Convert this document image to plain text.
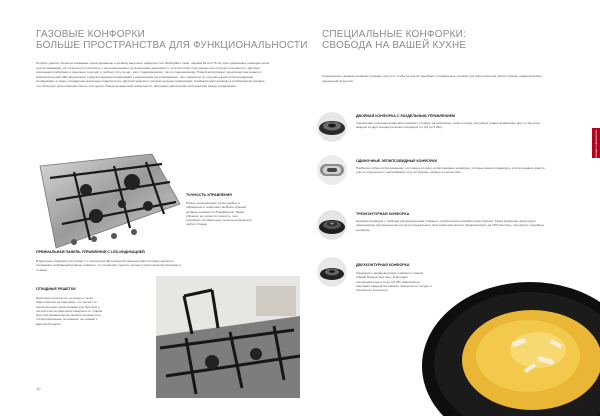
ГАЗОВЫЕ КОНФОРКИ
БОЛЬШЕ ПРОСТРАНСТВА ДЛЯ ФУНКЦИОНАЛЬНОСТИ
Hotpoint уделяет большое внимание проектированию и дизайну варочных поверхностей. Выбирайте сами: ширина 60 или 75 см (при одинаковых размерах ниши для встраивания), из стекла или из металла, с эргономичными и долговечными деталями. С эстетической точки зрения они отлично сочетаются с другими кухонными приборами и идеально подходят к любому типу кухни - как к традиционному, так и к современному. Новый ассортимент предлагает как модели с привлекательной LED-индикацией и двухконтурными конфорками с радиальным регулированием, так и варианты со специальными эллипсовидными конфорками, а также стандартные варочные поверхности с двухконтурными и трехконтурными конфорками. Конфорки расположены в ромбовидном порядке, что облегчает приготовление более чем одного блюда на варочной поверхности, благодаря увеличению пространству между конфорками.
ТОЧНОСТЬ УПРАВЛЕНИЯ
Новые эргономичные ручки удобны в обращении и позволяют выбрать нужный уровень пламени из 5 вариантов. Таким образом, не теряется точность, чем подобрать оптимальную степень нагрева для любого блюда.
ПРЕМИАЛЬНАЯ ПАНЕЛЬ УПРАВЛЕНИЯ С LED-ИНДИКАЦИЕЙ
В варочных поверхностях Серии 7 с элегантной фронтальной панелью LED-система подсветки показывает выбранный уровень пламени, что позволяет сделать процесс приготовления быстрым и точным.
ОТКИДНЫЕ РЕШЕТКИ
Варочные решетки не чугунные и легко закрепляются на шарнирах, что делает их исключительно практичными для быстрой и легкой очистки варочной поверхности. Одним простым движением вы можете переместить эти вертикальные положения, не снимая с варочной панели.
10
СПЕЦИАЛЬНЫЕ КОНФОРКИ:
СВОБОДА НА ВАШЕЙ КУХНЕ
Специальные газовые конфорки созданы для того, чтобы вы могли подобрать оптимальные условия для приготовления любого блюда, гарантирующие идеальный результат.
Варочные поверхности
ДВОЙНАЯ КОНФОРКА С РАЗДЕЛЬНЫМ УПРАВЛЕНИЕМ
Уникальная и мощная конфорка позволяет готовить на различных типах посуды, регулируя пламя независимо друг от друга на каждом из двух концентрических конфорок (от 0,6 до 5 кВт).
ОДИНОЧНЫЕ ЭЛЛИПСОВИДНЫЕ КОНФОРКИ
Наиболее гибкое использование, состоящее из двух эллипсовидных конфорок, которые можно придвинуть и использовать вместе или по отдельности, настраиваясь под тип формы, размер и количество.
ТРЕХКОНТУРНАЯ КОНФОРКА
Целевая конфорка с тройным распределением пламени - изобретение разработчиков Hotpoint. Такая конфорка гарантирует равномерное распределение тепла для идеального приготовления пищи и функционирует на 15% быстрее, чем другие подобные конфорки.
ДВУХКОНТУРНАЯ КОНФОРКА
Конфорка с двойным рядом пламени и самым гибким блюдом быстрее. Благодаря производительности до 3,5 кВт, равномерно нагревает каждый миллиметр поверхности посуды и использует используя.
